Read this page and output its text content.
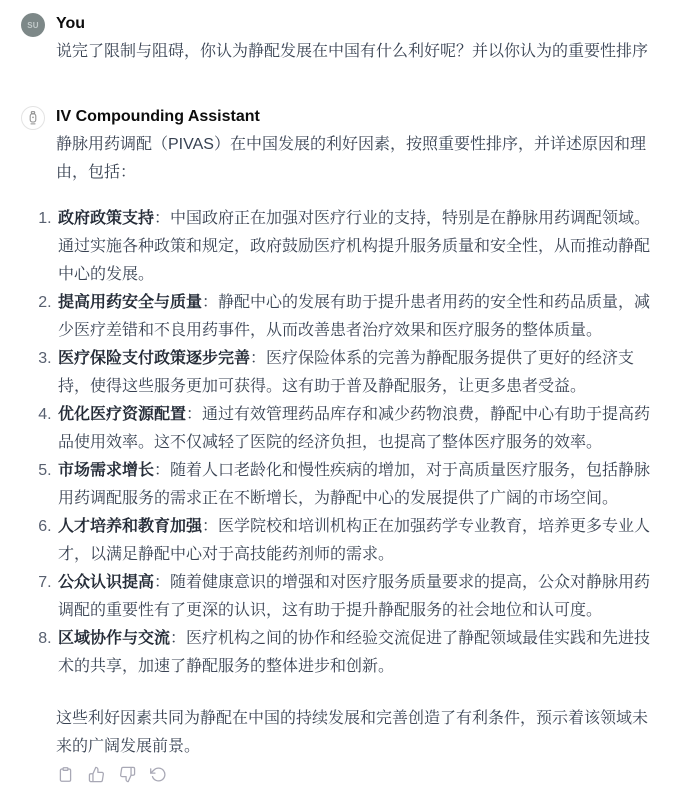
SU You
说完了限制与阻碍，你认为静配发展在中国有什么利好呢？并以你认为的重要性排序
IV Compounding Assistant

静脉用药调配（PIVAS）在中国发展的利好因素，按照重要性排序，并详述原因和理由，包括：

1. 政府政策支持：中国政府正在加强对医疗行业的支持，特别是在静脉用药调配领域。通过实施各种政策和规定，政府鼓励医疗机构提升服务质量和安全性，从而推动静配中心的发展。
2. 提高用药安全与质量：静配中心的发展有助于提升患者用药的安全性和药品质量，减少医疗差错和不良用药事件，从而改善患者治疗效果和医疗服务的整体质量。
3. 医疗保险支付政策逐步完善：医疗保险体系的完善为静配服务提供了更好的经济支持，使得这些服务更加可获得。这有助于普及静配服务，让更多患者受益。
4. 优化医疗资源配置：通过有效管理药品库存和减少药物浪费，静配中心有助于提高药品使用效率。这不仅减轻了医院的经济负担，也提高了整体医疗服务的效率。
5. 市场需求增长：随着人口老龄化和慢性疾病的增加，对于高质量医疗服务，包括静脉用药调配服务的需求正在不断增长，为静配中心的发展提供了广阔的市场空间。
6. 人才培养和教育加强：医学院校和培训机构正在加强药学专业教育，培养更多专业人才，以满足静配中心对于高技能药剂师的需求。
7. 公众认识提高：随着健康意识的增强和对医疗服务质量要求的提高，公众对静脉用药调配的重要性有了更深的认识，这有助于提升静配服务的社会地位和认可度。
8. 区域协作与交流：医疗机构之间的协作和经验交流促进了静配领域最佳实践和先进技术的共享，加速了静配服务的整体进步和创新。

这些利好因素共同为静配在中国的持续发展和完善创造了有利条件，预示着该领域未来的广阔发展前景。
